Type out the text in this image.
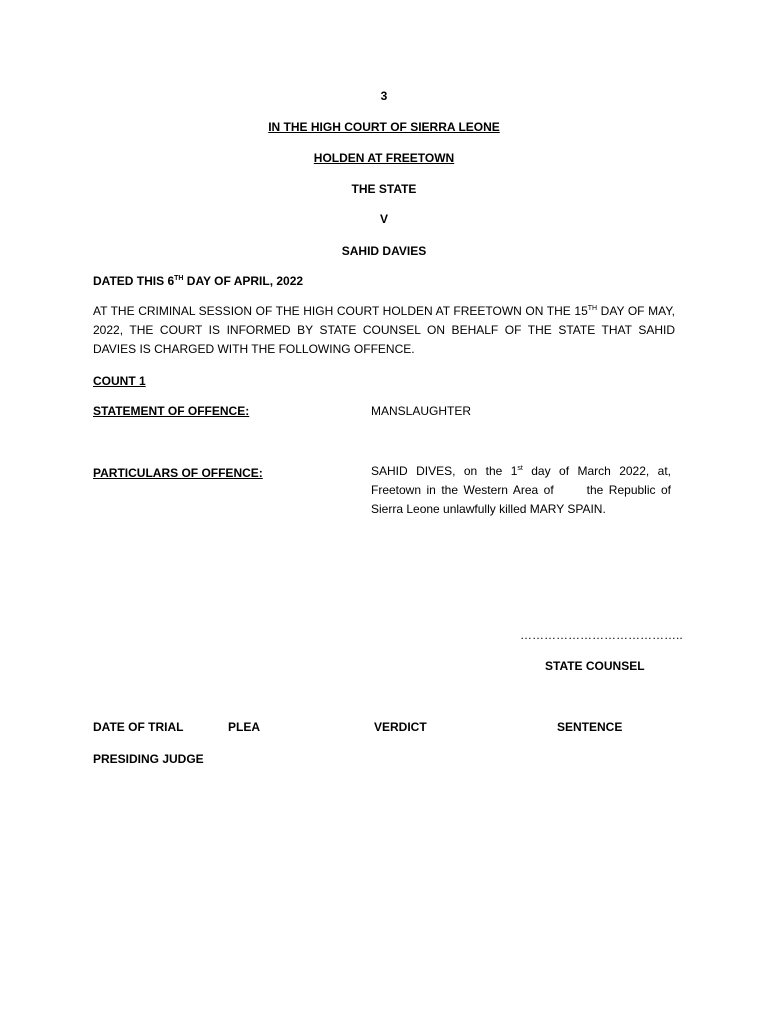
3
IN THE HIGH COURT OF SIERRA LEONE
HOLDEN AT FREETOWN
THE STATE
V
SAHID DAVIES
DATED THIS 6TH DAY OF APRIL, 2022
AT THE CRIMINAL SESSION OF THE HIGH COURT HOLDEN AT FREETOWN ON THE 15TH DAY OF MAY, 2022, THE COURT IS INFORMED BY STATE COUNSEL ON BEHALF OF THE STATE THAT SAHID DAVIES IS CHARGED WITH THE FOLLOWING OFFENCE.
COUNT 1
STATEMENT OF OFFENCE:	MANSLAUGHTER
PARTICULARS OF OFFENCE:	SAHID DIVES, on the 1st day of March 2022, at, Freetown in the Western Area of      the Republic of Sierra Leone unlawfully killed MARY SPAIN.
…………………………………..
STATE COUNSEL
DATE OF TRIAL	PLEA	VERDICT	SENTENCE
PRESIDING JUDGE
